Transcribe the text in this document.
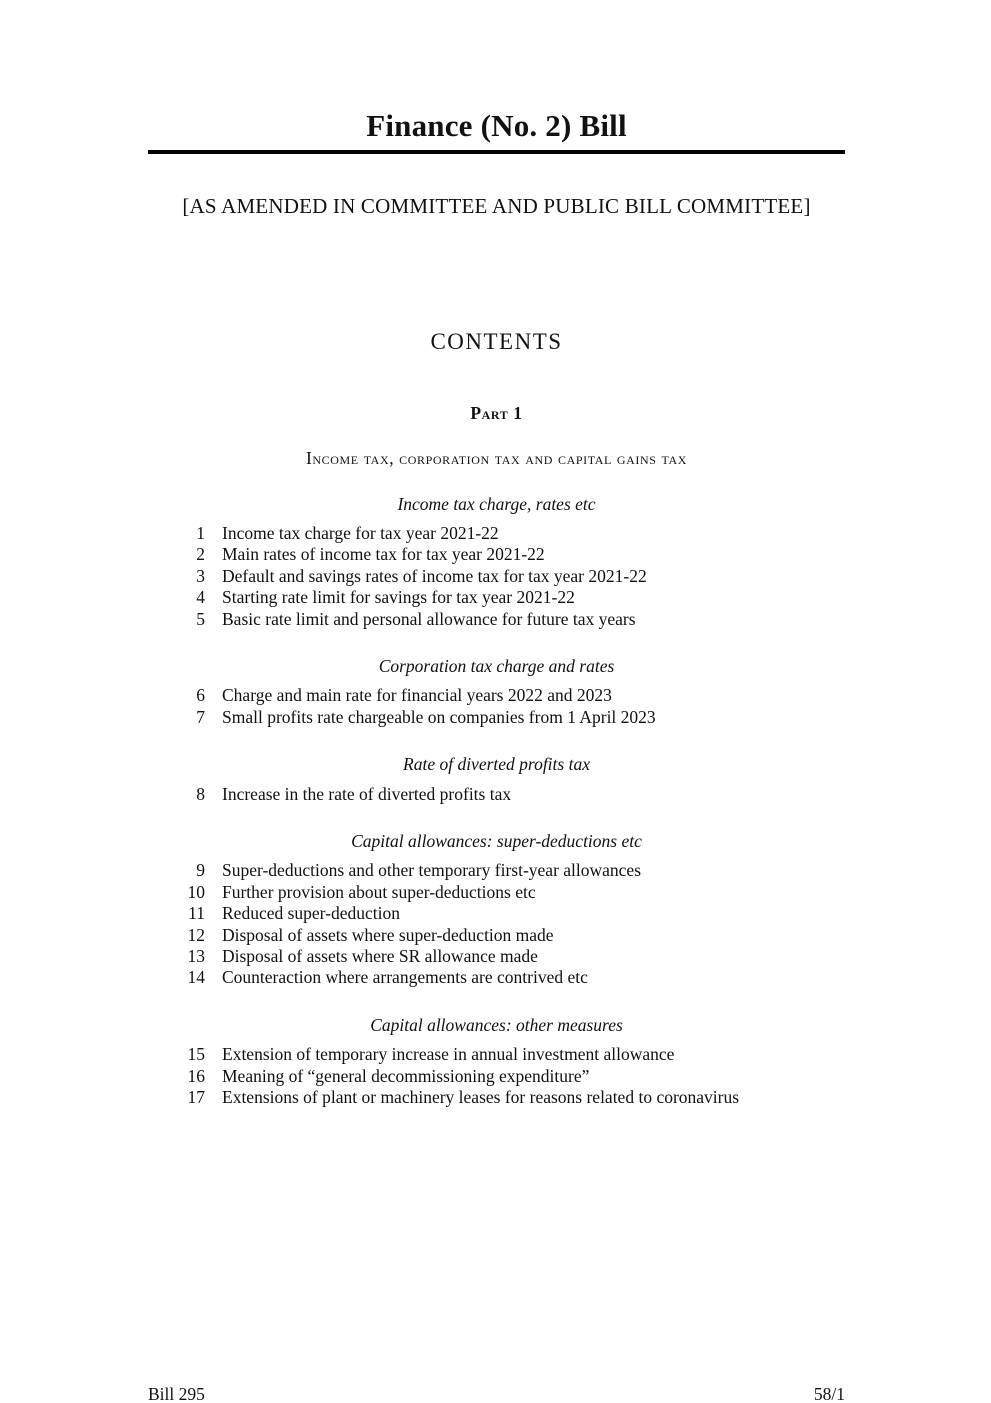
Finance (No. 2) Bill

[AS AMENDED IN COMMITTEE AND PUBLIC BILL COMMITTEE]

CONTENTS
Part 1
Income tax, corporation tax and capital gains tax
Income tax charge, rates etc
1 Income tax charge for tax year 2021-22
2 Main rates of income tax for tax year 2021-22
3 Default and savings rates of income tax for tax year 2021-22
4 Starting rate limit for savings for tax year 2021-22
5 Basic rate limit and personal allowance for future tax years
Corporation tax charge and rates
6 Charge and main rate for financial years 2022 and 2023
7 Small profits rate chargeable on companies from 1 April 2023
Rate of diverted profits tax
8 Increase in the rate of diverted profits tax
Capital allowances: super-deductions etc
9 Super-deductions and other temporary first-year allowances
10 Further provision about super-deductions etc
11 Reduced super-deduction
12 Disposal of assets where super-deduction made
13 Disposal of assets where SR allowance made
14 Counteraction where arrangements are contrived etc
Capital allowances: other measures
15 Extension of temporary increase in annual investment allowance
16 Meaning of “general decommissioning expenditure”
17 Extensions of plant or machinery leases for reasons related to coronavirus
Bill 295	58/1
